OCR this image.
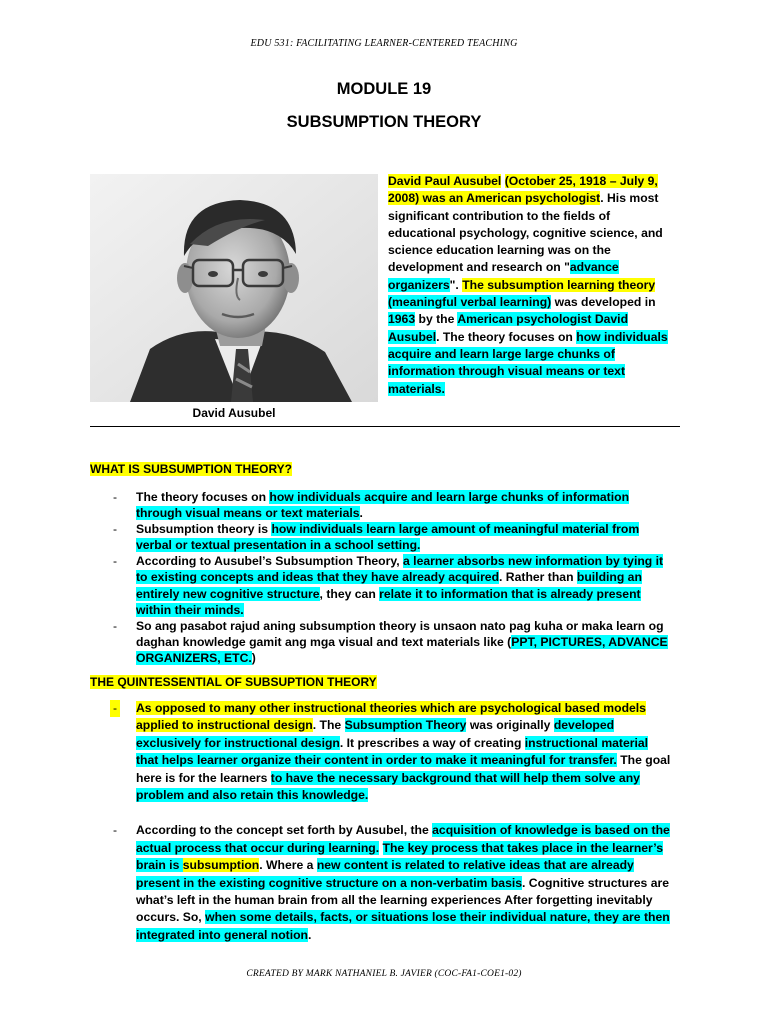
EDU 531: FACILITATING LEARNER-CENTERED TEACHING
MODULE 19
SUBSUMPTION THEORY
David Ausubel
David Paul Ausubel (October 25, 1918 – July 9, 2008) was an American psychologist. His most significant contribution to the fields of educational psychology, cognitive science, and science education learning was on the development and research on "advance organizers". The subsumption learning theory (meaningful verbal learning) was developed in 1963 by the American psychologist David Ausubel. The theory focuses on how individuals acquire and learn large large chunks of information through visual means or text materials.
WHAT IS SUBSUMPTION THEORY?
- The theory focuses on how individuals acquire and learn large chunks of information through visual means or text materials.
- Subsumption theory is how individuals learn large amount of meaningful material from verbal or textual presentation in a school setting.
- According to Ausubel’s Subsumption Theory, a learner absorbs new information by tying it to existing concepts and ideas that they have already acquired. Rather than building an entirely new cognitive structure, they can relate it to information that is already present within their minds.
- So ang pasabot rajud aning subsumption theory is unsaon nato pag kuha or maka learn og daghan knowledge gamit ang mga visual and text materials like (PPT, PICTURES, ADVANCE ORGANIZERS, ETC.)
THE QUINTESSENTIAL OF SUBSUPTION THEORY
- As opposed to many other instructional theories which are psychological based models applied to instructional design. The Subsumption Theory was originally developed exclusively for instructional design. It prescribes a way of creating instructional material that helps learner organize their content in order to make it meaningful for transfer. The goal here is for the learners to have the necessary background that will help them solve any problem and also retain this knowledge.
- According to the concept set forth by Ausubel, the acquisition of knowledge is based on the actual process that occur during learning. The key process that takes place in the learner’s brain is subsumption. Where a new content is related to relative ideas that are already present in the existing cognitive structure on a non-verbatim basis. Cognitive structures are what’s left in the human brain from all the learning experiences After forgetting inevitably occurs. So, when some details, facts, or situations lose their individual nature, they are then integrated into general notion.
CREATED BY MARK NATHANIEL B. JAVIER (COC-FA1-COE1-02)
